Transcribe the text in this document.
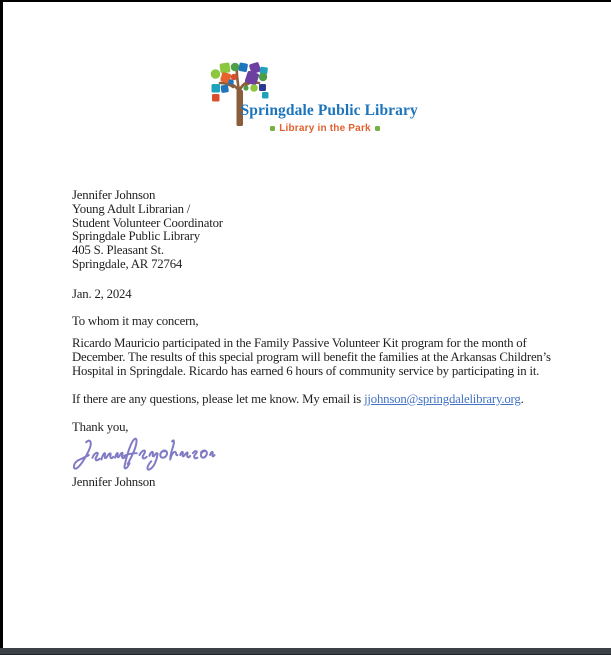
Springdale Public Library
Library in the Park
Jennifer Johnson
Young Adult Librarian /
Student Volunteer Coordinator
Springdale Public Library
405 S. Pleasant St.
Springdale, AR 72764
Jan. 2, 2024
To whom it may concern,
Ricardo Mauricio participated in the Family Passive Volunteer Kit program for the month of
December. The results of this special program will benefit the families at the Arkansas Children’s
Hospital in Springdale. Ricardo has earned 6 hours of community service by participating in it.
If there are any questions, please let me know. My email is jjohnson@springdalelibrary.org.
Thank you,
Jennifer Johnson
